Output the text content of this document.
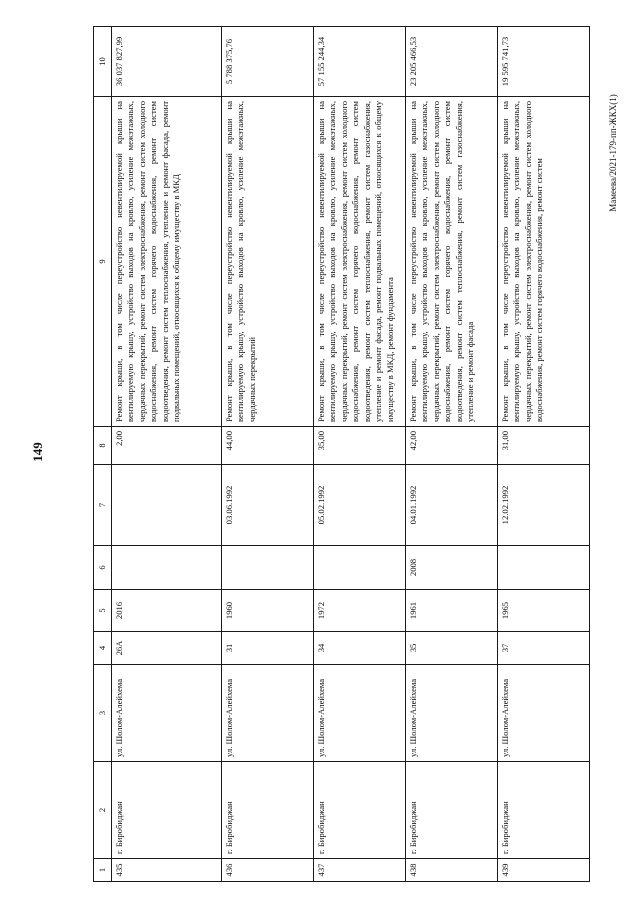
149
1	2	3	4	5	6	7	8	9	10
435	г. Биробиджан	ул. Шолом-Алейхема	26А	2016			2,00	Ремонт крыши, в том числе переустройство невентилируемой крыши на вентилируемую крышу, устройство выходов на кровлю, усиление межэтажных, чердачных перекрытий, ремонт систем электроснабжения, ремонт систем холодного водоснабжения, ремонт систем горячего водоснабжения, ремонт систем водоотведения, ремонт систем теплоснабжения, утепление и ремонт фасада, ремонт подвальных помещений, относящихся к общему имуществу в МКД	36 037 827,99
436	г. Биробиджан	ул. Шолом-Алейхема	31	1960		03.06.1992	44,00	Ремонт крыши, в том числе переустройство невентилируемой крыши на вентилируемую крышу, устройство выходов на кровлю, усиление межэтажных, чердачных перекрытий	5 788 375,76
437	г. Биробиджан	ул. Шолом-Алейхема	34	1972		05.02.1992	35,00	Ремонт крыши, в том числе переустройство невентилируемой крыши на вентилируемую крышу, устройство выходов на кровлю, усиление межэтажных, чердачных перекрытий, ремонт систем электроснабжения, ремонт систем холодного водоснабжения, ремонт систем горячего водоснабжения, ремонт систем водоотведения, ремонт систем теплоснабжения, ремонт систем газоснабжения, утепление и ремонт фасада, ремонт подвальных помещений, относящихся к общему имуществу в МКД, ремонт фундамента	57 155 244,34
438	г. Биробиджан	ул. Шолом-Алейхема	35	1961	2008	04.01.1992	42,00	Ремонт крыши, в том числе переустройство невентилируемой крыши на вентилируемую крышу, устройство выходов на кровлю, усиление межэтажных, чердачных перекрытий, ремонт систем электроснабжения, ремонт систем холодного водоснабжения, ремонт систем горячего водоснабжения, ремонт систем водоотведения, ремонт систем теплоснабжения, ремонт систем газоснабжения, утепление и ремонт фасада	23 205 466,53
439	г. Биробиджан	ул. Шолом-Алейхема	37	1965		12.02.1992	31,00	Ремонт крыши, в том числе переустройство невентилируемой крыши на вентилируемую крышу, устройство выходов на кровлю, усиление межэтажных, чердачных перекрытий, ремонт систем электроснабжения, ремонт систем холодного водоснабжения, ремонт систем горячего водоснабжения, ремонт систем	19 595 741,73
Мамеева/2021-179-пп-ЖКХ(1)
